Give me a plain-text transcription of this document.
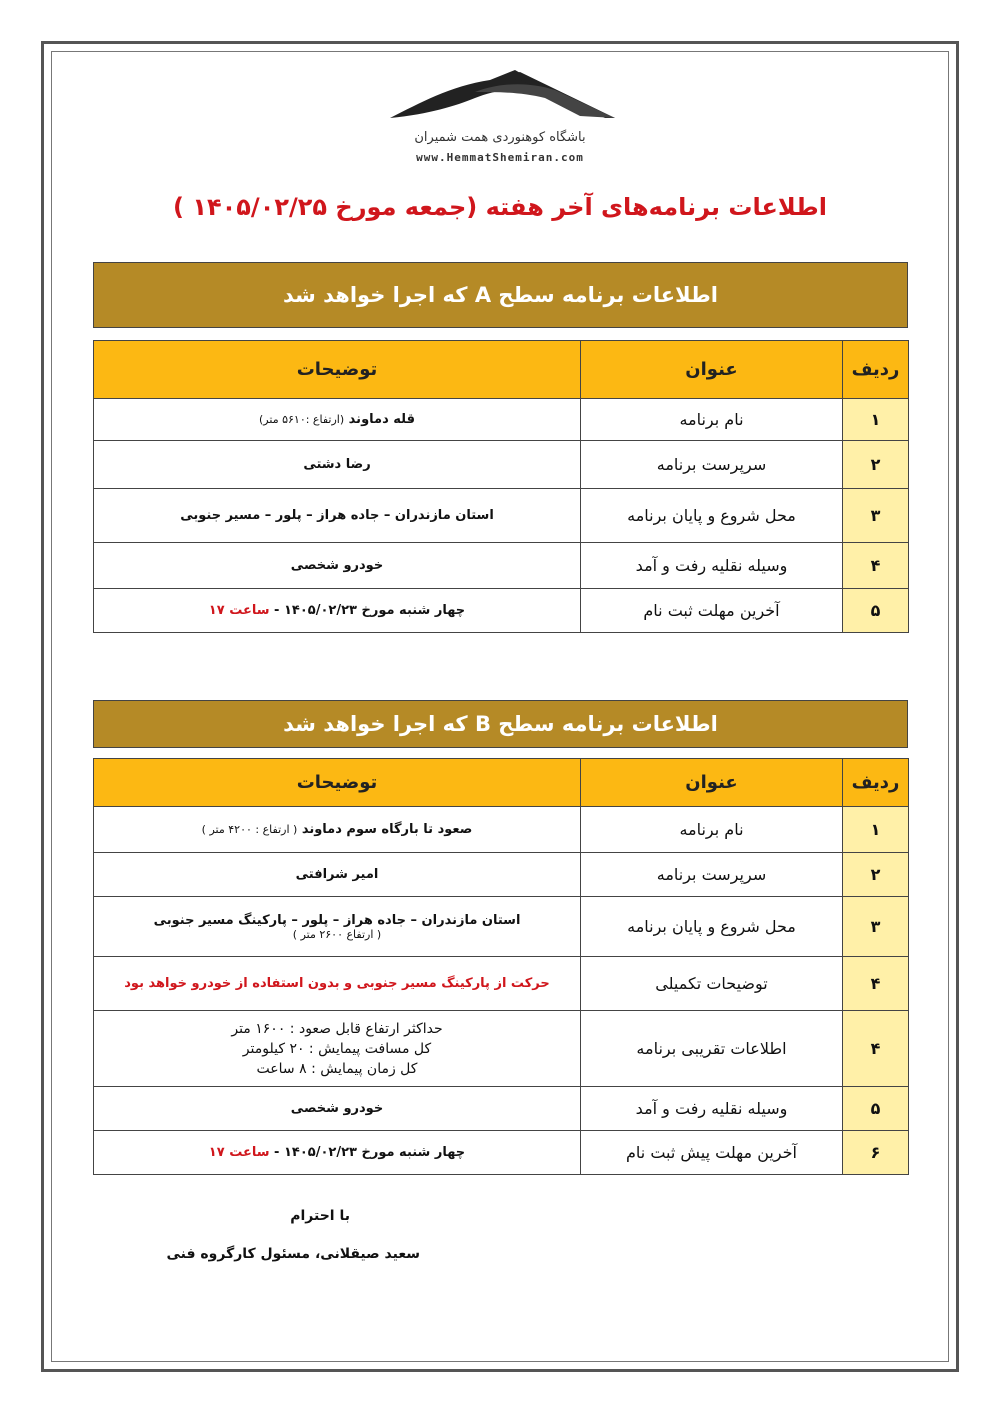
باشگاه کوهنوردی همت شمیران
www.HemmatShemiran.com
اطلاعات برنامه‌های آخر هفته (جمعه مورخ ۱۴۰۵/۰۲/۲۵ )
اطلاعات برنامه سطح A که اجرا خواهد شد
ردیف	عنوان	توضیحات
۱	نام برنامه	قله دماوند (ارتفاع :۵۶۱۰ متر)
۲	سرپرست برنامه	رضا دشتی
۳	محل شروع و پایان برنامه	استان مازندران – جاده هراز – پلور – مسیر جنوبی
۴	وسیله نقلیه رفت و آمد	خودرو شخصی
۵	آخرین مهلت ثبت نام	چهار شنبه مورخ ۱۴۰۵/۰۲/۲۳ - ساعت ۱۷
اطلاعات برنامه سطح B که اجرا خواهد شد
ردیف	عنوان	توضیحات
۱	نام برنامه	صعود تا بارگاه سوم دماوند ( ارتفاع : ۴۲۰۰ متر )
۲	سرپرست برنامه	امیر شرافتی
۳	محل شروع و پایان برنامه	استان مازندران – جاده هراز – پلور – پارکینگ مسیر جنوبی
( ارتفاع ۲۶۰۰ متر )

۴	توضیحات تکمیلی	حرکت از پارکینگ مسیر جنوبی و بدون استفاده از خودرو خواهد بود
۴	اطلاعات تقریبی برنامه	حداکثر ارتفاع قابل صعود : ۱۶۰۰ متر
کل مسافت پیمایش : ۲۰ کیلومتر
کل زمان پیمایش : ۸ ساعت

۵	وسیله نقلیه رفت و آمد	خودرو شخصی
۶	آخرین مهلت پیش ثبت نام	چهار شنبه مورخ ۱۴۰۵/۰۲/۲۳ - ساعت ۱۷
با احترام
سعید صیقلانی، مسئول کارگروه فنی
